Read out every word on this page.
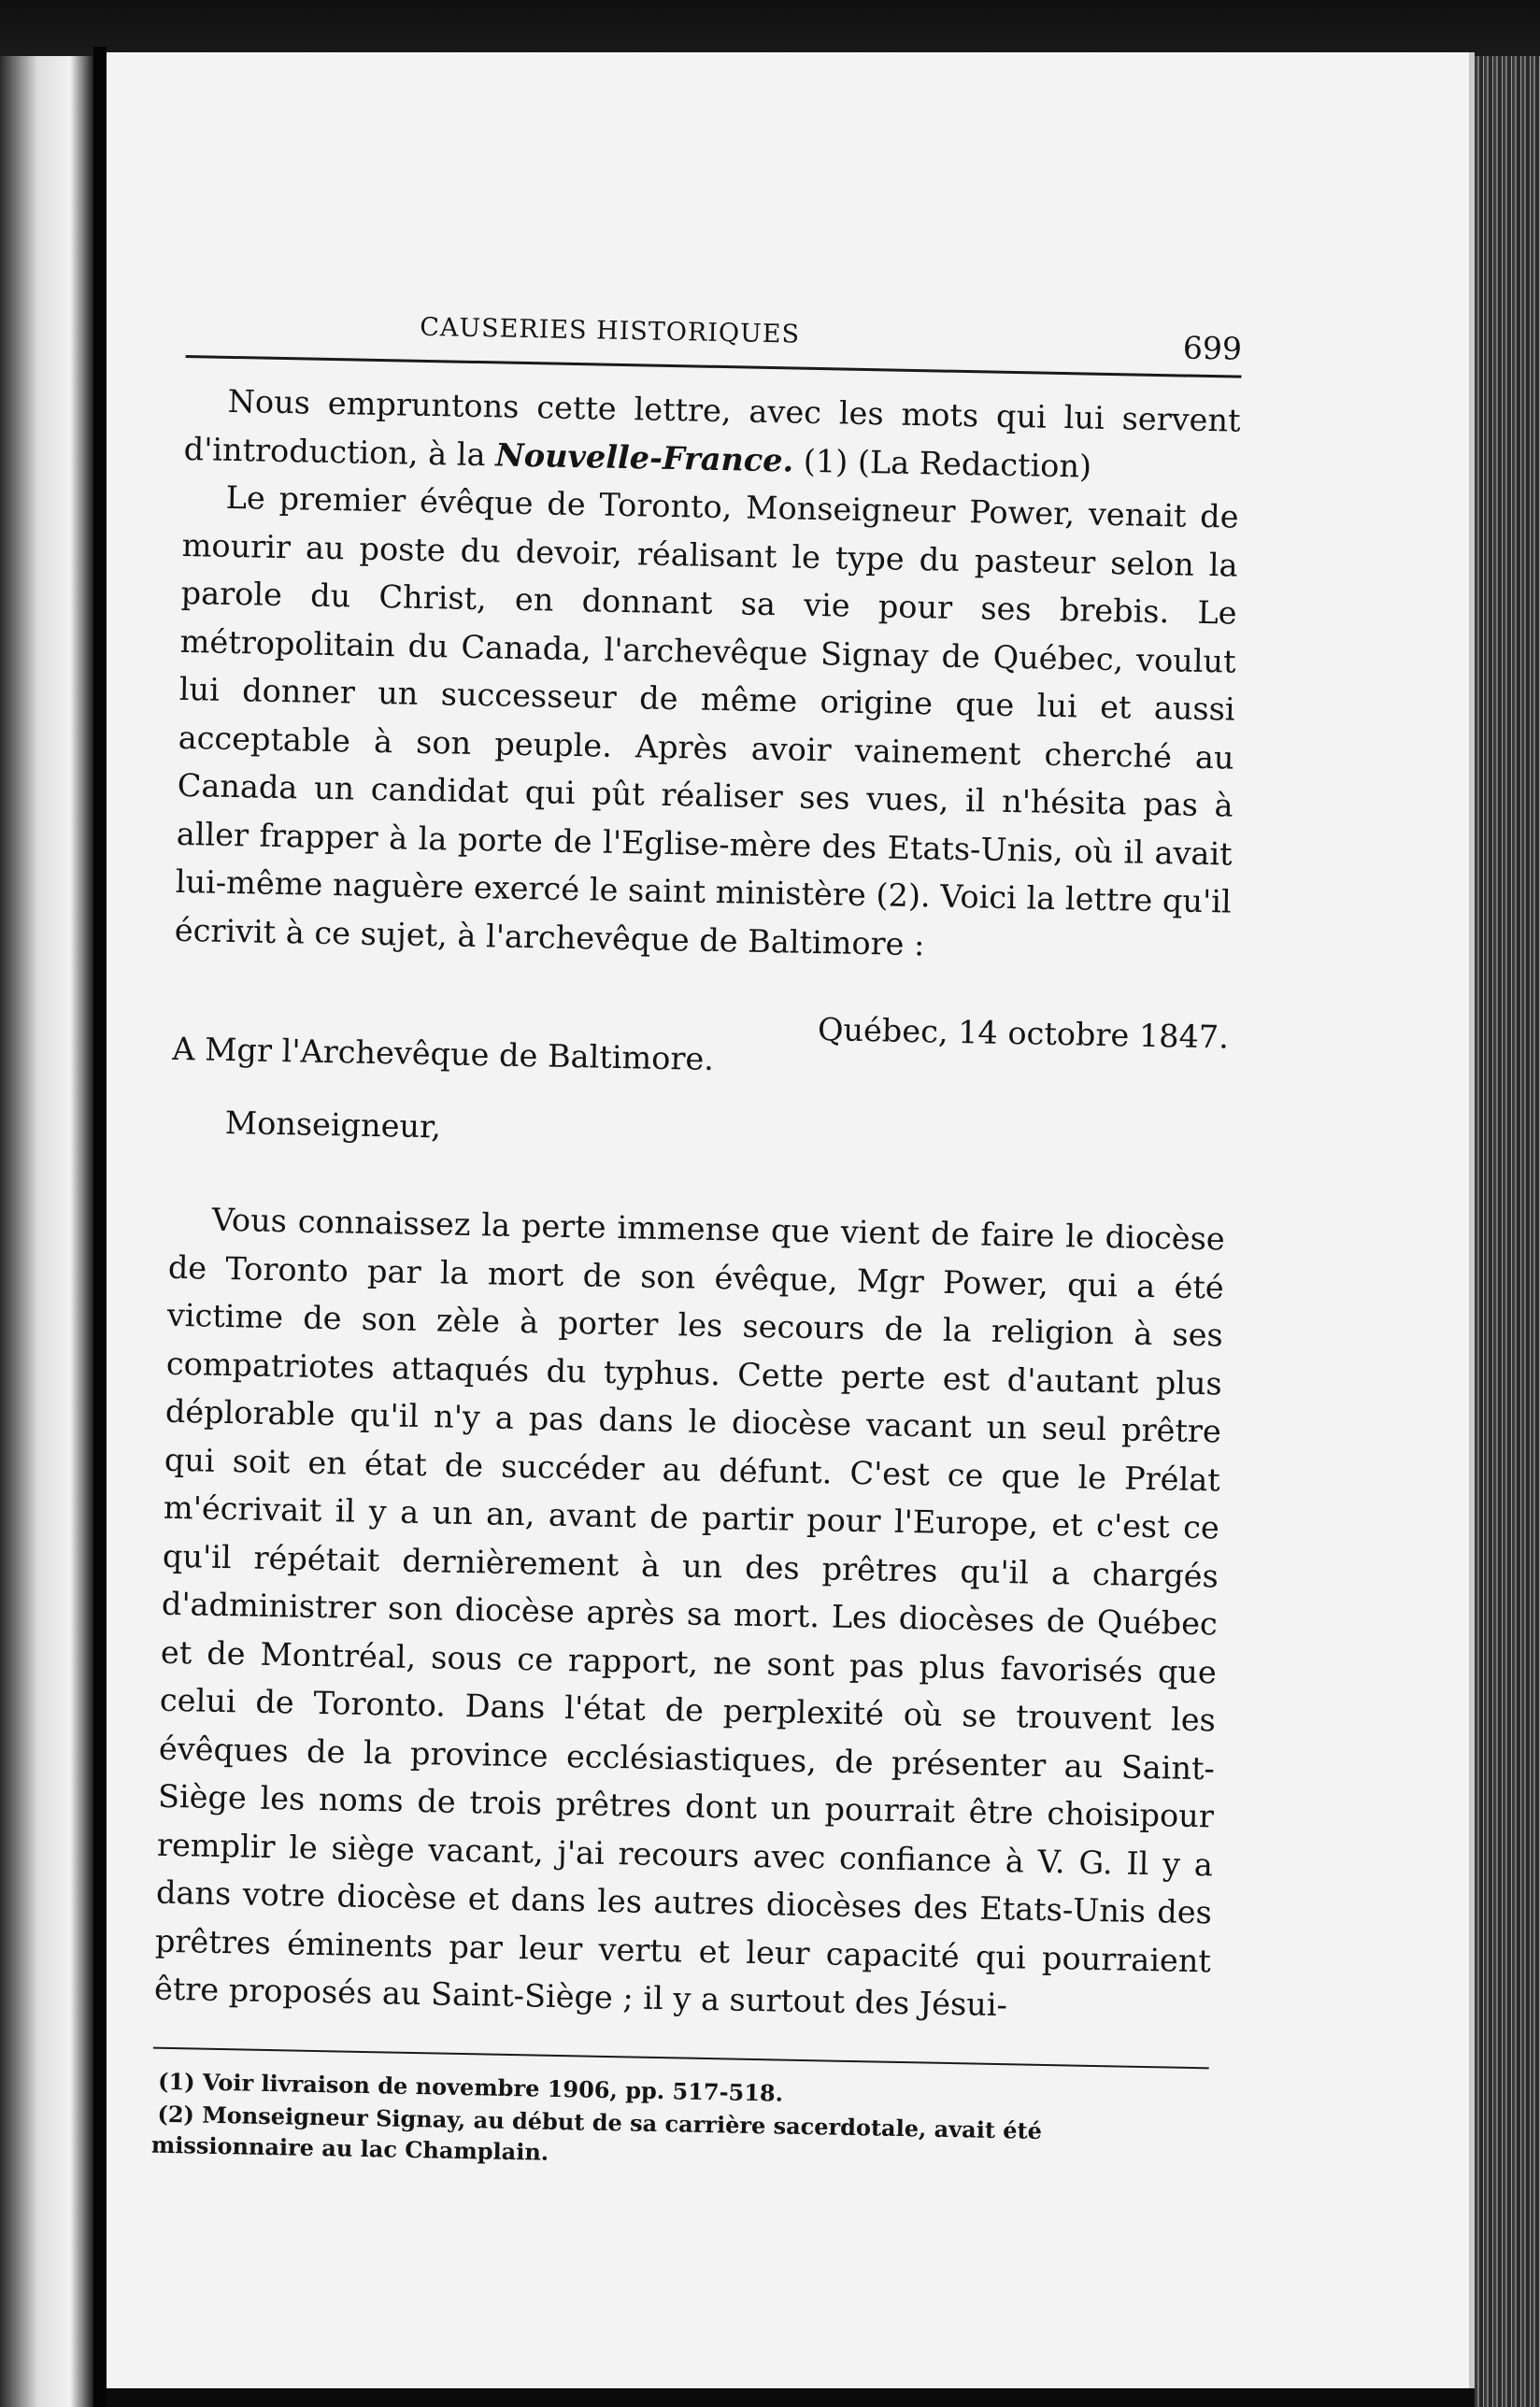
CAUSERIES HISTORIQUES	699

Nous empruntons cette lettre, avec les mots qui lui servent d'introduction, à la Nouvelle-France. (1) (La Redaction)

Le premier évêque de Toronto, Monseigneur Power, venait de mourir au poste du devoir, réalisant le type du pasteur selon la parole du Christ, en donnant sa vie pour ses brebis. Le métropolitain du Canada, l'archevêque Signay de Québec, voulut lui donner un successeur de même origine que lui et aussi acceptable à son peuple. Après avoir vainement cherché au Canada un candidat qui pût réaliser ses vues, il n'hésita pas à aller frapper à la porte de l'Eglise-mère des Etats-Unis, où il avait lui-même naguère exercé le saint ministère (2). Voici la lettre qu'il écrivit à ce sujet, à l'archevêque de Baltimore :

Québec, 14 octobre 1847.
A Mgr l'Archevêque de Baltimore.
Monseigneur,

Vous connaissez la perte immense que vient de faire le diocèse de Toronto par la mort de son évêque, Mgr Power, qui a été victime de son zèle à porter les secours de la religion à ses compatriotes attaqués du typhus. Cette perte est d'autant plus déplorable qu'il n'y a pas dans le diocèse vacant un seul prêtre qui soit en état de succéder au défunt. C'est ce que le Prélat m'écrivait il y a un an, avant de partir pour l'Europe, et c'est ce qu'il répétait dernièrement à un des prêtres qu'il a chargés d'administrer son diocèse après sa mort. Les diocèses de Québec et de Montréal, sous ce rapport, ne sont pas plus favorisés que celui de Toronto. Dans l'état de perplexité où se trouvent les évêques de la province ecclésiastiques, de présenter au Saint-Siège les noms de trois prêtres dont un pourrait être choisipour remplir le siège vacant, j'ai recours avec confiance à V. G. Il y a dans votre diocèse et dans les autres diocèses des Etats-Unis des prêtres éminents par leur vertu et leur capacité qui pourraient être proposés au Saint-Siège ; il y a surtout des Jésui-

(1) Voir livraison de novembre 1906, pp. 517-518.

(2) Monseigneur Signay, au début de sa carrière sacerdotale, avait été missionnaire au lac Champlain.
